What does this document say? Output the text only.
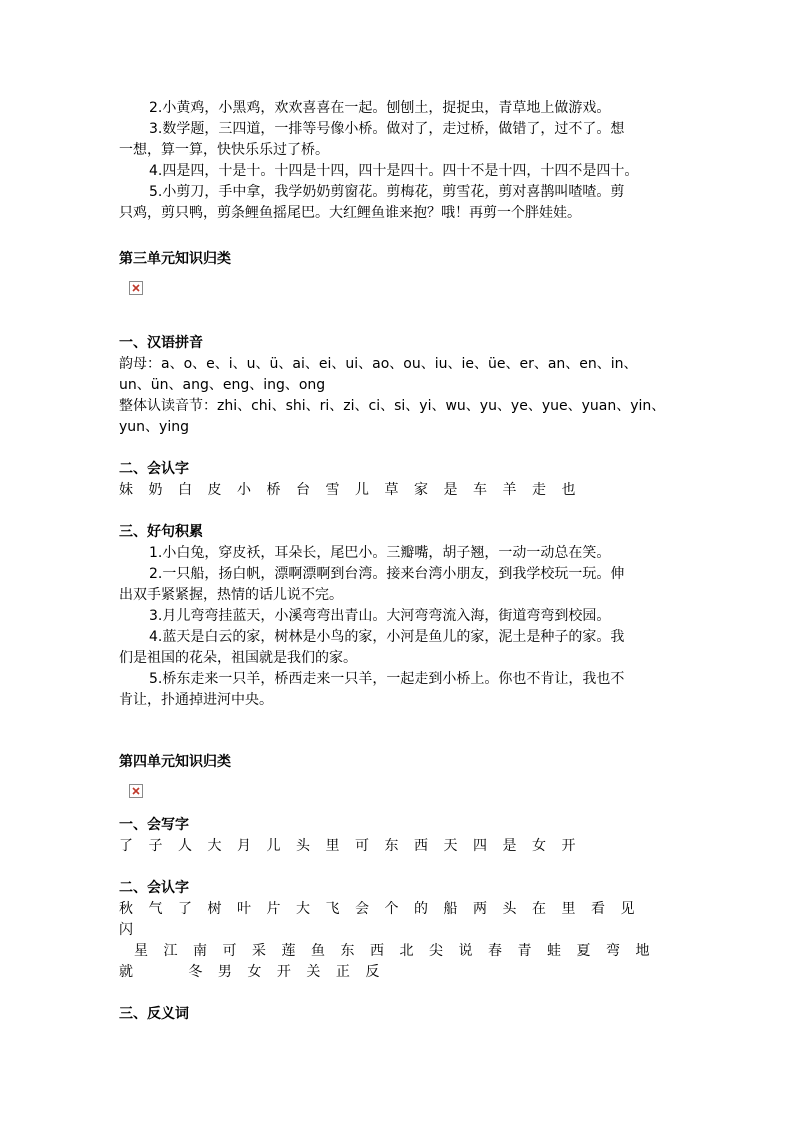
2.小黄鸡，小黑鸡，欢欢喜喜在一起。刨刨土，捉捉虫，青草地上做游戏。
3.数学题，三四道，一排等号像小桥。做对了，走过桥，做错了，过不了。想
一想，算一算，快快乐乐过了桥。
4.四是四，十是十。十四是十四，四十是四十。四十不是十四，十四不是四十。
5.小剪刀，手中拿，我学奶奶剪窗花。剪梅花，剪雪花，剪对喜鹊叫喳喳。剪
只鸡，剪只鸭，剪条鲤鱼摇尾巴。大红鲤鱼谁来抱？哦！再剪一个胖娃娃。
第三单元知识归类
一、汉语拼音
韵母：a、o、e、i、u、ü、ai、ei、ui、ao、ou、iu、ie、üe、er、an、en、in、
un、ün、ang、eng、ing、ong
整体认读音节：zhi、chi、shi、ri、zi、ci、si、yi、wu、yu、ye、yue、yuan、yin、
yun、ying
二、会认字
妹奶白皮小桥台雪儿草家是车羊走也
三、好句积累
1.小白兔，穿皮袄，耳朵长，尾巴小。三瓣嘴，胡子翘，一动一动总在笑。
2.一只船，扬白帆，漂啊漂啊到台湾。接来台湾小朋友，到我学校玩一玩。伸
出双手紧紧握，热情的话儿说不完。
3.月儿弯弯挂蓝天，小溪弯弯出青山。大河弯弯流入海，街道弯弯到校园。
4.蓝天是白云的家，树林是小鸟的家，小河是鱼儿的家，泥土是种子的家。我
们是祖国的花朵，祖国就是我们的家。
5.桥东走来一只羊，桥西走来一只羊，一起走到小桥上。你也不肯让，我也不
肯让，扑通掉进河中央。
第四单元知识归类
一、会写字
了子人大月儿头里可东西天四是女开
二、会认字
秋气了树叶片大飞会个的船两头在里看见
闪
星江南可采莲鱼东西北尖说春青蛙夏弯地
就  冬男女开关正反
三、反义词
